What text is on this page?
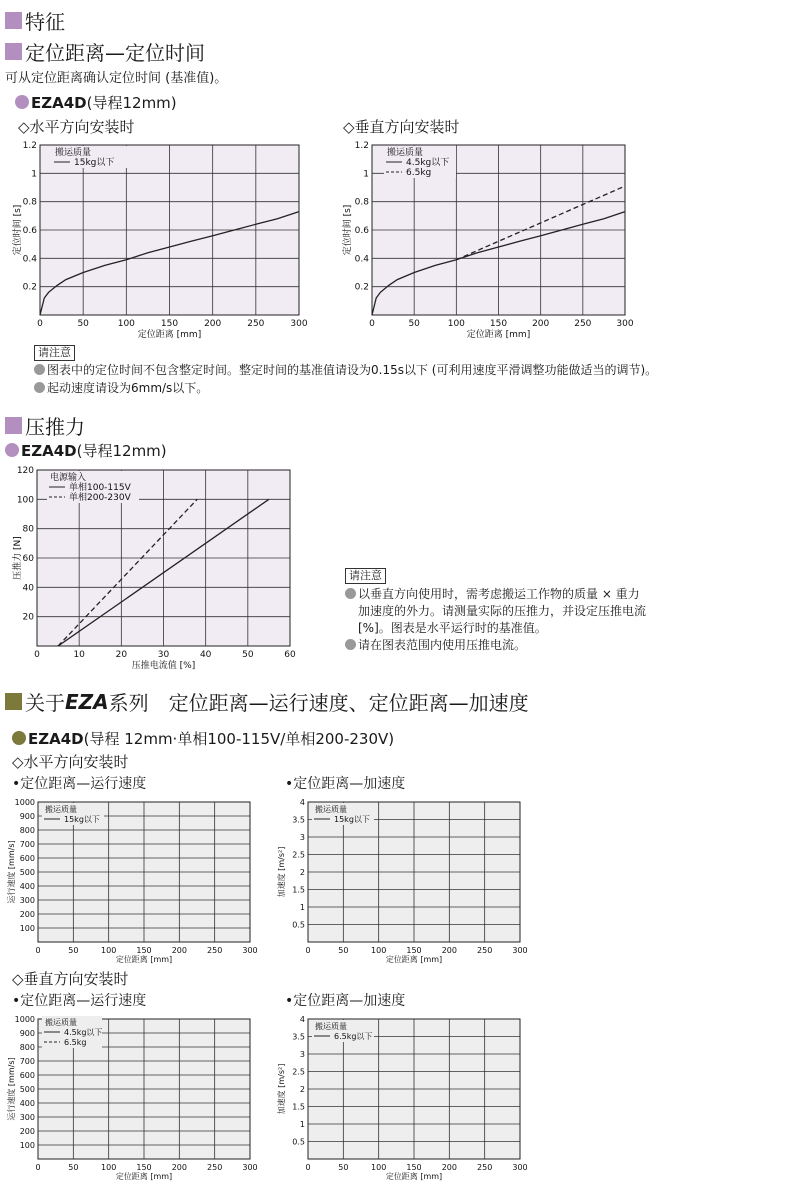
特征
定位距离—定位时间
可从定位距离确认定位时间 (基准值)。
EZA4D(导程12mm)
◇水平方向安装时	◇垂直方向安装时
0	50	100	150	200	250	300
0.2
0.4
0.6
0.8
1
1.2
定位距离 [mm]
定位时间 [s]
搬运质量
15kg以下
0	50	100	150	200	250	300
0.2
0.4
0.6
0.8
1
1.2
定位距离 [mm]
定位时间 [s]
搬运质量
4.5kg以下
6.5kg
请注意
图表中的定位时间不包含整定时间。整定时间的基准值请设为0.15s以下 (可利用速度平滑调整功能做适当的调节)。
起动速度请设为6mm/s以下。
压推力
EZA4D(导程12mm)
0	10	20	30	40	50	60
20
40
60
80
100
120
压推电流值 [%]
压推力 [N]
电源输入
单相100-115V
单相200-230V
请注意
以垂直方向使用时，需考虑搬运工作物的质量 × 重力
加速度的外力。请测量实际的压推力，并设定压推电流
[%]。图表是水平运行时的基准值。
请在图表范围内使用压推电流。
关于 EZA 系列　定位距离—运行速度、定位距离—加速度
EZA4D(导程 12mm·单相100-115V/单相200-230V)
◇水平方向安装时
•定位距离—运行速度	•定位距离—加速度
0	50	100	150	200	250	300
100
200
300
400
500
600
700
800
900
1000
定位距离 [mm]
运行速度 [mm/s]
搬运质量
15kg以下
0	50	100	150	200	250	300
0.5
1
1.5
2
2.5
3
3.5
4
定位距离 [mm]
加速度 [m/s²]
搬运质量
15kg以下
◇垂直方向安装时
•定位距离—运行速度	•定位距离—加速度
0	50	100	150	200	250	300
100
200
300
400
500
600
700
800
900
1000
定位距离 [mm]
运行速度 [mm/s]
搬运质量
4.5kg以下
6.5kg
0	50	100	150	200	250	300
0.5
1
1.5
2
2.5
3
3.5
4
定位距离 [mm]
加速度 [m/s²]
搬运质量
6.5kg以下
